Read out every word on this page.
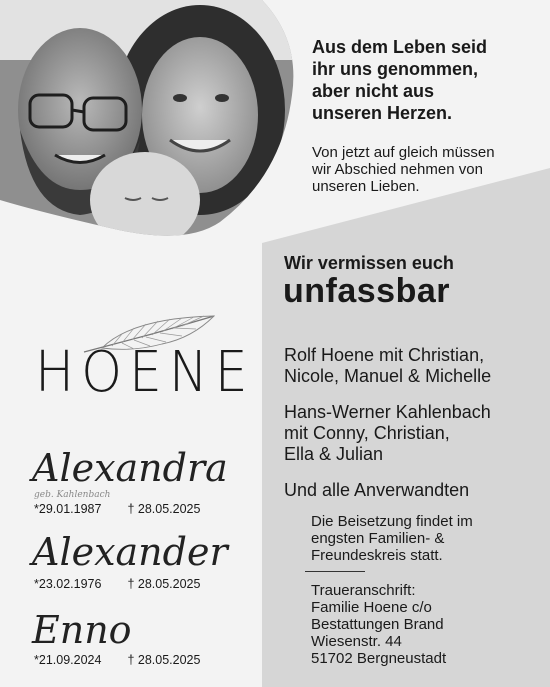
Aus dem Leben seid
ihr uns genommen,
aber nicht aus
unseren Herzen.
Von jetzt auf gleich müssen
wir Abschied nehmen von
unseren Lieben.
Wir vermissen euch
unfassbar
HOENE
Alexandra
geb. Kahlenbach
*29.01.1987 † 28.05.2025
Alexander
*23.02.1976 † 28.05.2025
Enno
*21.09.2024 † 28.05.2025
Rolf Hoene mit Christian,
Nicole, Manuel & Michelle
Hans-Werner Kahlenbach
mit Conny, Christian,
Ella & Julian
Und alle Anverwandten
Die Beisetzung findet im
engsten Familien- &
Freundeskreis statt.
Traueranschrift:
Familie Hoene c/o
Bestattungen Brand
Wiesenstr. 44
51702 Bergneustadt
